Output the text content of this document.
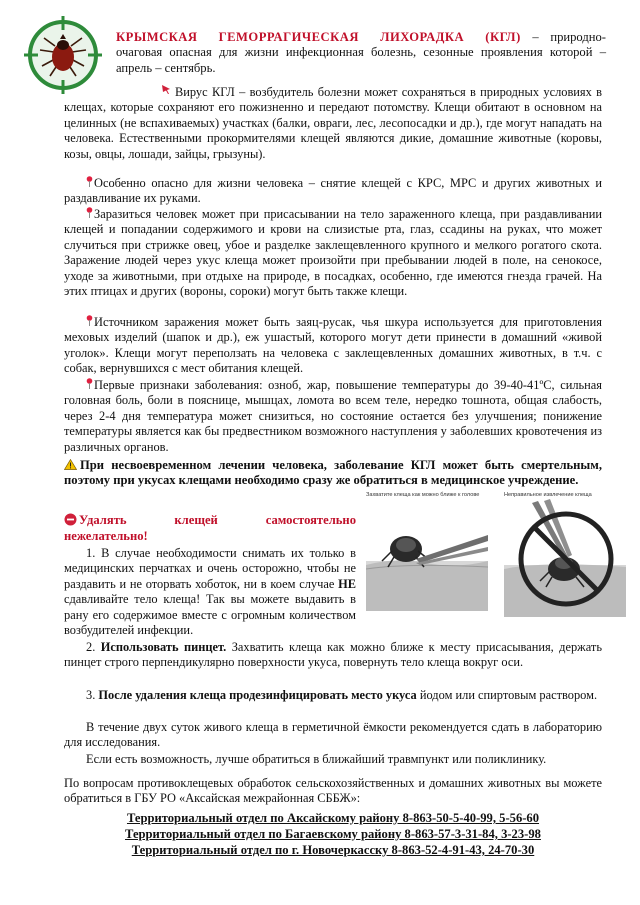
КРЫМСКАЯ ГЕМОРРАГИЧЕСКАЯ ЛИХОРАДКА (КГЛ) – природно-очаговая опасная для жизни инфекционная болезнь, сезонные проявления которой – апрель – сентябрь.

Вирус КГЛ – возбудитель болезни может сохраняться в природных условиях в клещах, которые сохраняют его пожизненно и передают потомству. Клещи обитают в основном на целинных (не вспахиваемых) участках (балки, овраги, лес, лесопосадки и др.), где могут нападать на человека. Естественными прокормителями клещей являются дикие, домашние животные (коровы, козы, овцы, лошади, зайцы, грызуны).

Особенно опасно для жизни человека – снятие клещей с КРС, МРС и других животных и раздавливание их руками.

Заразиться человек может при присасывании на тело зараженного клеща, при раздавливании клещей и попадании содержимого и крови на слизистые рта, глаз, ссадины на руках, что может случиться при стрижке овец, убое и разделке заклещевленного крупного и мелкого рогатого скота. Заражение людей через укус клеща может произойти при пребывании людей в поле, на сенокосе, уходе за животными, при отдыхе на природе, в посадках, особенно, где имеются гнезда грачей. На этих птицах и других (вороны, сороки) могут быть также клещи.

Источником заражения может быть заяц-русак, чья шкура используется для приготовления меховых изделий (шапок и др.), еж ушастый, которого могут дети принести в домашний «живой уголок». Клещи могут переползать на человека с заклещевленных домашних животных, в т.ч. с собак, вернувшихся с мест обитания клещей.

Первые признаки заболевания: озноб, жар, повышение температуры до 39-40-41ºС, сильная головная боль, боли в пояснице, мышцах, ломота во всем теле, нередко тошнота, общая слабость, через 2-4 дня температура может снизиться, но состояние остается без улучшения; понижение температуры является как бы предвестником возможного наступления у заболевших кровотечения из различных органов.

При несвоевременном лечении человека, заболевание КГЛ может быть смертельным, поэтому при укусах клещами необходимо сразу же обратиться в медицинское учреждение.

Удалять клещей самостоятельно
нежелательно!

1. В случае необходимости снимать их только в медицинских перчатках и очень осторожно, чтобы не раздавить и не оторвать хоботок, ни в коем случае НЕ сдавливайте тело клеща! Так вы можете выдавить в рану его содержимое вместе с огромным количеством возбудителей инфекции.

Захватите клеща как можно ближе к голове	Неправильное извлечение клеща

2. Использовать пинцет. Захватить клеща как можно ближе к месту присасывания, держать пинцет строго перпендикулярно поверхности укуса, повернуть тело клеща вокруг оси.

3. После удаления клеща продезинфицировать место укуса йодом или спиртовым раствором.

В течение двух суток живого клеща в герметичной ёмкости рекомендуется сдать в лабораторию для исследования.

Если есть возможность, лучше обратиться в ближайший травмпункт или поликлинику.

По вопросам противоклещевых обработок сельскохозяйственных и домашних животных вы можете обратиться в ГБУ РО «Аксайская межрайонная СББЖ»:

Территориальный отдел по Аксайскому району 8-863-50-5-40-99, 5-56-60
Территориальный отдел по Багаевскому району 8-863-57-3-31-84, 3-23-98
Территориальный отдел по г. Новочеркасску 8-863-52-4-91-43, 24-70-30
